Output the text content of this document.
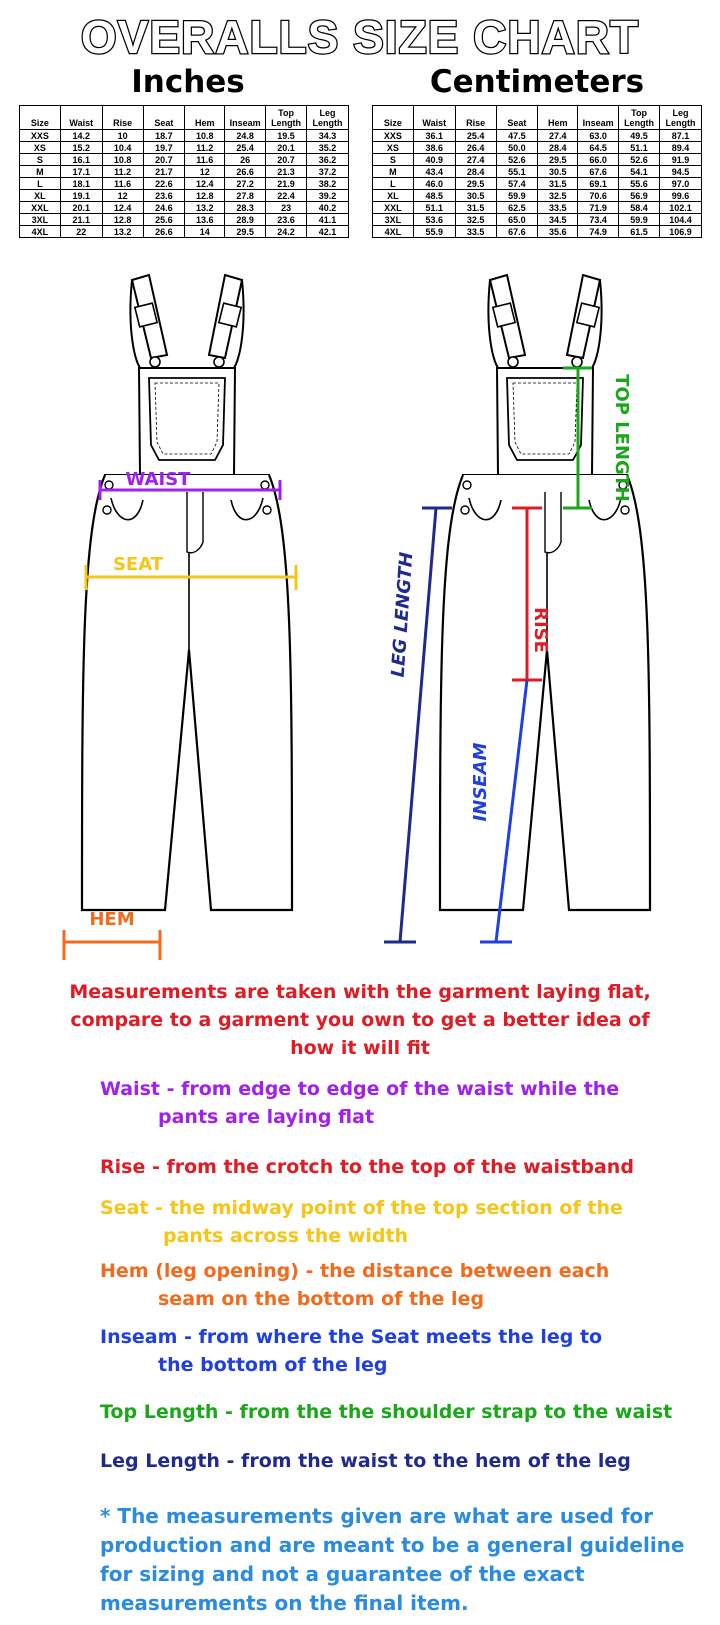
OVERALLS SIZE CHART
Inches	Centimeters
Size	Waist	Rise	Seat	Hem	Inseam	Top Length	Leg Length
XXS	14.2	10	18.7	10.8	24.8	19.5	34.3
XS	15.2	10.4	19.7	11.2	25.4	20.1	35.2
S	16.1	10.8	20.7	11.6	26	20.7	36.2
M	17.1	11.2	21.7	12	26.6	21.3	37.2
L	18.1	11.6	22.6	12.4	27.2	21.9	38.2
XL	19.1	12	23.6	12.8	27.8	22.4	39.2
XXL	20.1	12.4	24.6	13.2	28.3	23	40.2
3XL	21.1	12.8	25.6	13.6	28.9	23.6	41.1
4XL	22	13.2	26.6	14	29.5	24.2	42.1
Size	Waist	Rise	Seat	Hem	Inseam	Top Length	Leg Length
XXS	36.1	25.4	47.5	27.4	63.0	49.5	87.1
XS	38.6	26.4	50.0	28.4	64.5	51.1	89.4
S	40.9	27.4	52.6	29.5	66.0	52.6	91.9
M	43.4	28.4	55.1	30.5	67.6	54.1	94.5
L	46.0	29.5	57.4	31.5	69.1	55.6	97.0
XL	48.5	30.5	59.9	32.5	70.6	56.9	99.6
XXL	51.1	31.5	62.5	33.5	71.9	58.4	102.1
3XL	53.6	32.5	65.0	34.5	73.4	59.9	104.4
4XL	55.9	33.5	67.6	35.6	74.9	61.5	106.9
WAIST
SEAT
HEM
TOP LENGTH
RISE
INSEAM
LEG LENGTH
Measurements are taken with the garment laying flat, compare to a garment you own to get a better idea of how it will fit
Waist - from edge to edge of the waist while the
pants are laying flat
Rise - from the crotch to the top of the waistband
Seat - the midway point of the top section of the
pants across the width
Hem (leg opening) - the distance between each
seam on the bottom of the leg
Inseam - from where the Seat meets the leg to
the bottom of the leg
Top Length - from the the shoulder strap to the waist
Leg Length - from the waist to the hem of the leg
* The measurements given are what are used for
production and are meant to be a general guideline
for sizing and not a guarantee of the exact
measurements on the final item.
